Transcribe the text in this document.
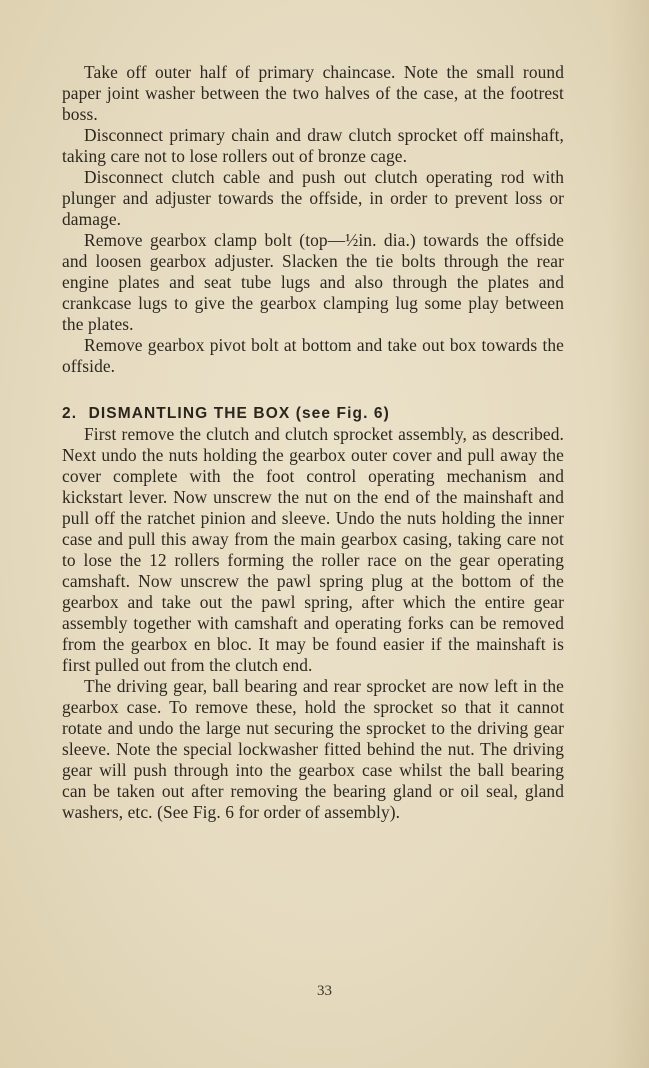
Take off outer half of primary chaincase. Note the small round paper joint washer between the two halves of the case, at the footrest boss.

Disconnect primary chain and draw clutch sprocket off mainshaft, taking care not to lose rollers out of bronze cage.

Disconnect clutch cable and push out clutch operating rod with plunger and adjuster towards the offside, in order to prevent loss or damage.

Remove gearbox clamp bolt (top—½in. dia.) towards the offside and loosen gearbox adjuster. Slacken the tie bolts through the rear engine plates and seat tube lugs and also through the plates and crankcase lugs to give the gearbox clamping lug some play between the plates.

Remove gearbox pivot bolt at bottom and take out box towards the offside.

2. DISMANTLING THE BOX (see Fig. 6)

First remove the clutch and clutch sprocket assembly, as described. Next undo the nuts holding the gearbox outer cover and pull away the cover complete with the foot control operating mechanism and kickstart lever. Now unscrew the nut on the end of the mainshaft and pull off the ratchet pinion and sleeve. Undo the nuts holding the inner case and pull this away from the main gearbox casing, taking care not to lose the 12 rollers forming the roller race on the gear operating camshaft. Now unscrew the pawl spring plug at the bottom of the gearbox and take out the pawl spring, after which the entire gear assembly together with camshaft and operating forks can be removed from the gearbox en bloc. It may be found easier if the mainshaft is first pulled out from the clutch end.

The driving gear, ball bearing and rear sprocket are now left in the gearbox case. To remove these, hold the sprocket so that it cannot rotate and undo the large nut securing the sprocket to the driving gear sleeve. Note the special lockwasher fitted behind the nut. The driving gear will push through into the gearbox case whilst the ball bearing can be taken out after removing the bearing gland or oil seal, gland washers, etc. (See Fig. 6 for order of assembly).

33
